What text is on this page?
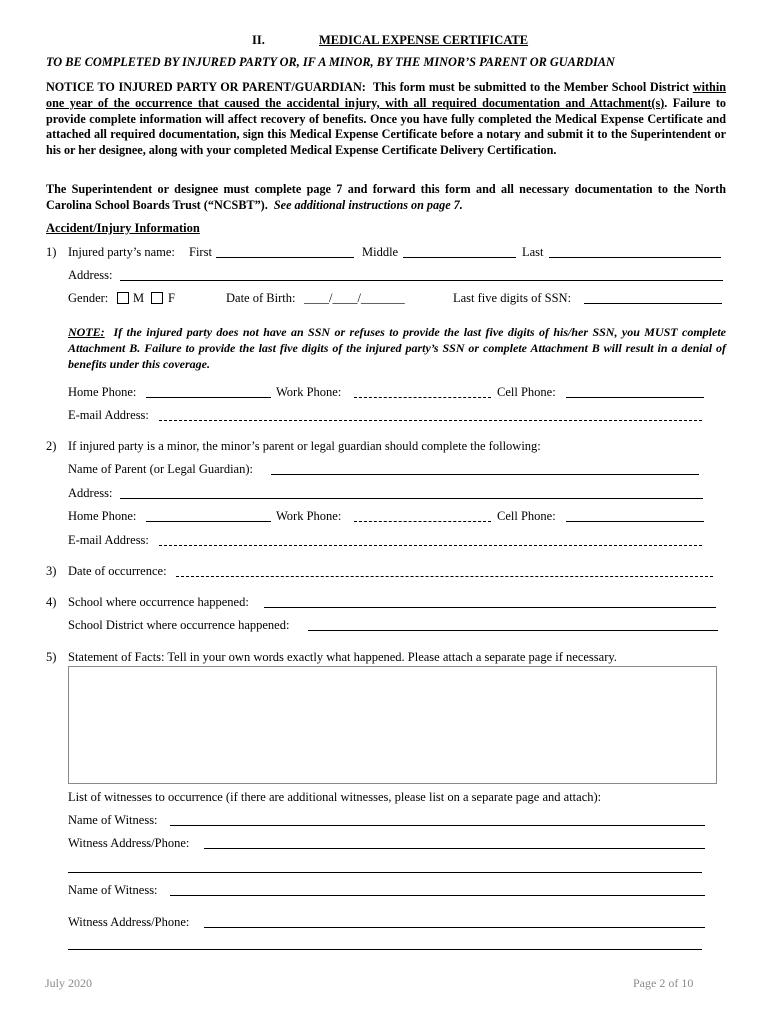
II.	MEDICAL EXPENSE CERTIFICATE
TO BE COMPLETED BY INJURED PARTY OR, IF A MINOR, BY THE MINOR’S PARENT OR GUARDIAN
NOTICE TO INJURED PARTY OR PARENT/GUARDIAN: This form must be submitted to the Member School District within one year of the occurrence that caused the accidental injury, with all required documentation and Attachment(s). Failure to provide complete information will affect recovery of benefits. Once you have fully completed the Medical Expense Certificate and attached all required documentation, sign this Medical Expense Certificate before a notary and submit it to the Superintendent or his or her designee, along with your completed Medical Expense Certificate Delivery Certification.
The Superintendent or designee must complete page 7 and forward this form and all necessary documentation to the North Carolina School Boards Trust (“NCSBT”). See additional instructions on page 7.
Accident/Injury Information
1) Injured party’s name: First	Middle	Last
Address:
Gender: M F	Date of Birth: ____/____/_______	Last five digits of SSN:
NOTE: If the injured party does not have an SSN or refuses to provide the last five digits of his/her SSN, you MUST complete Attachment B. Failure to provide the last five digits of the injured party’s SSN or complete Attachment B will result in a denial of benefits under this coverage.
Home Phone:	Work Phone:	Cell Phone:
E-mail Address:
2) If injured party is a minor, the minor’s parent or legal guardian should complete the following:
Name of Parent (or Legal Guardian):
Address:
Home Phone:	Work Phone:	Cell Phone:
E-mail Address:
3) Date of occurrence:
4) School where occurrence happened:
School District where occurrence happened:
5) Statement of Facts: Tell in your own words exactly what happened. Please attach a separate page if necessary.
List of witnesses to occurrence (if there are additional witnesses, please list on a separate page and attach):
Name of Witness:
Witness Address/Phone:
Name of Witness:
Witness Address/Phone:
July 2020	Page 2 of 10
